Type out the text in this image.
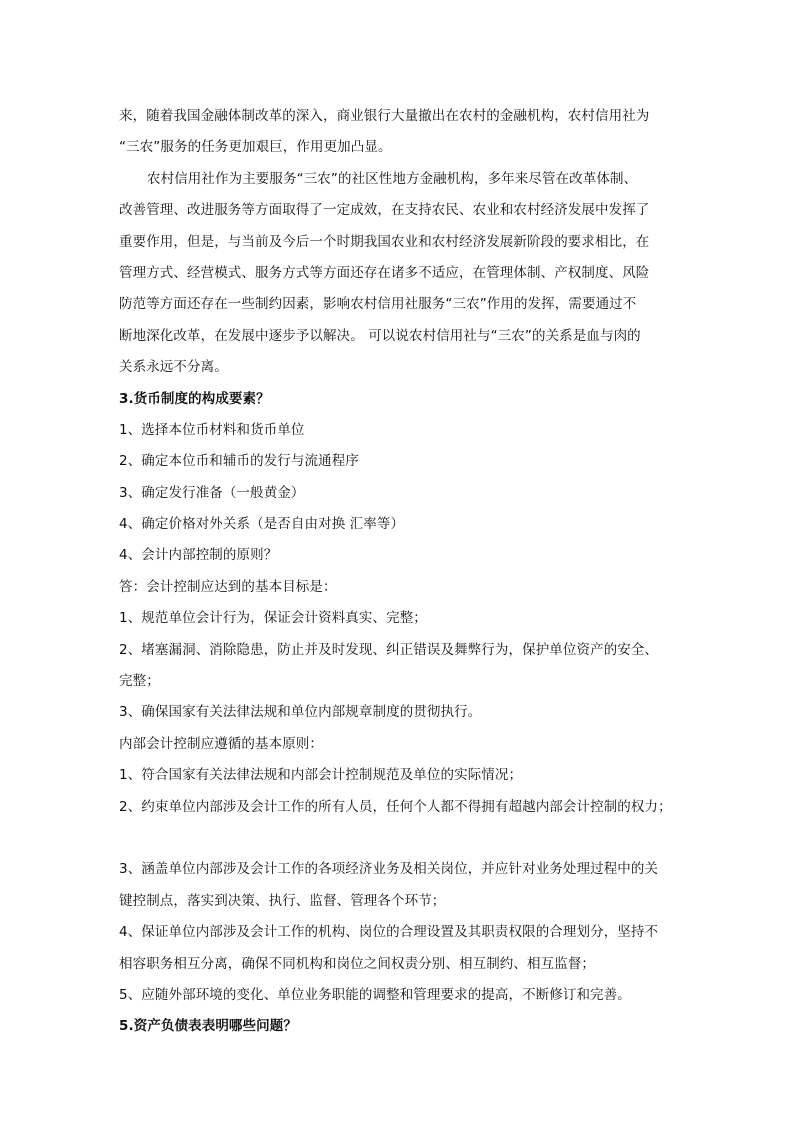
来，随着我国金融体制改革的深入，商业银行大量撤出在农村的金融机构，农村信用社为
“三农”服务的任务更加艰巨，作用更加凸显。
农村信用社作为主要服务“三农”的社区性地方金融机构，多年来尽管在改革体制、
改善管理、改进服务等方面取得了一定成效，在支持农民、农业和农村经济发展中发挥了
重要作用，但是，与当前及今后一个时期我国农业和农村经济发展新阶段的要求相比，在
管理方式、经营模式、服务方式等方面还存在诸多不适应，在管理体制、产权制度、风险
防范等方面还存在一些制约因素，影响农村信用社服务“三农”作用的发挥，需要通过不
断地深化改革，在发展中逐步予以解决。 可以说农村信用社与“三农”的关系是血与肉的
关系永远不分离。
3.货币制度的构成要素？
1、选择本位币材料和货币单位
2、确定本位币和辅币的发行与流通程序
3、确定发行准备（一般黄金）
4、确定价格对外关系（是否自由对换 汇率等）
4、会计内部控制的原则？
答：会计控制应达到的基本目标是：
1、规范单位会计行为，保证会计资料真实、完整；
2、堵塞漏洞、消除隐患，防止并及时发现、纠正错误及舞弊行为，保护单位资产的安全、
完整；
3、确保国家有关法律法规和单位内部规章制度的贯彻执行。
内部会计控制应遵循的基本原则：
1、符合国家有关法律法规和内部会计控制规范及单位的实际情况；
2、约束单位内部涉及会计工作的所有人员，任何个人都不得拥有超越内部会计控制的权力；
3、涵盖单位内部涉及会计工作的各项经济业务及相关岗位，并应针对业务处理过程中的关
键控制点，落实到决策、执行、监督、管理各个环节；
4、保证单位内部涉及会计工作的机构、岗位的合理设置及其职责权限的合理划分，坚持不
相容职务相互分离，确保不同机构和岗位之间权责分别、相互制约、相互监督；
5、应随外部环境的变化、单位业务职能的调整和管理要求的提高，不断修订和完善。
5.资产负债表表明哪些问题？
